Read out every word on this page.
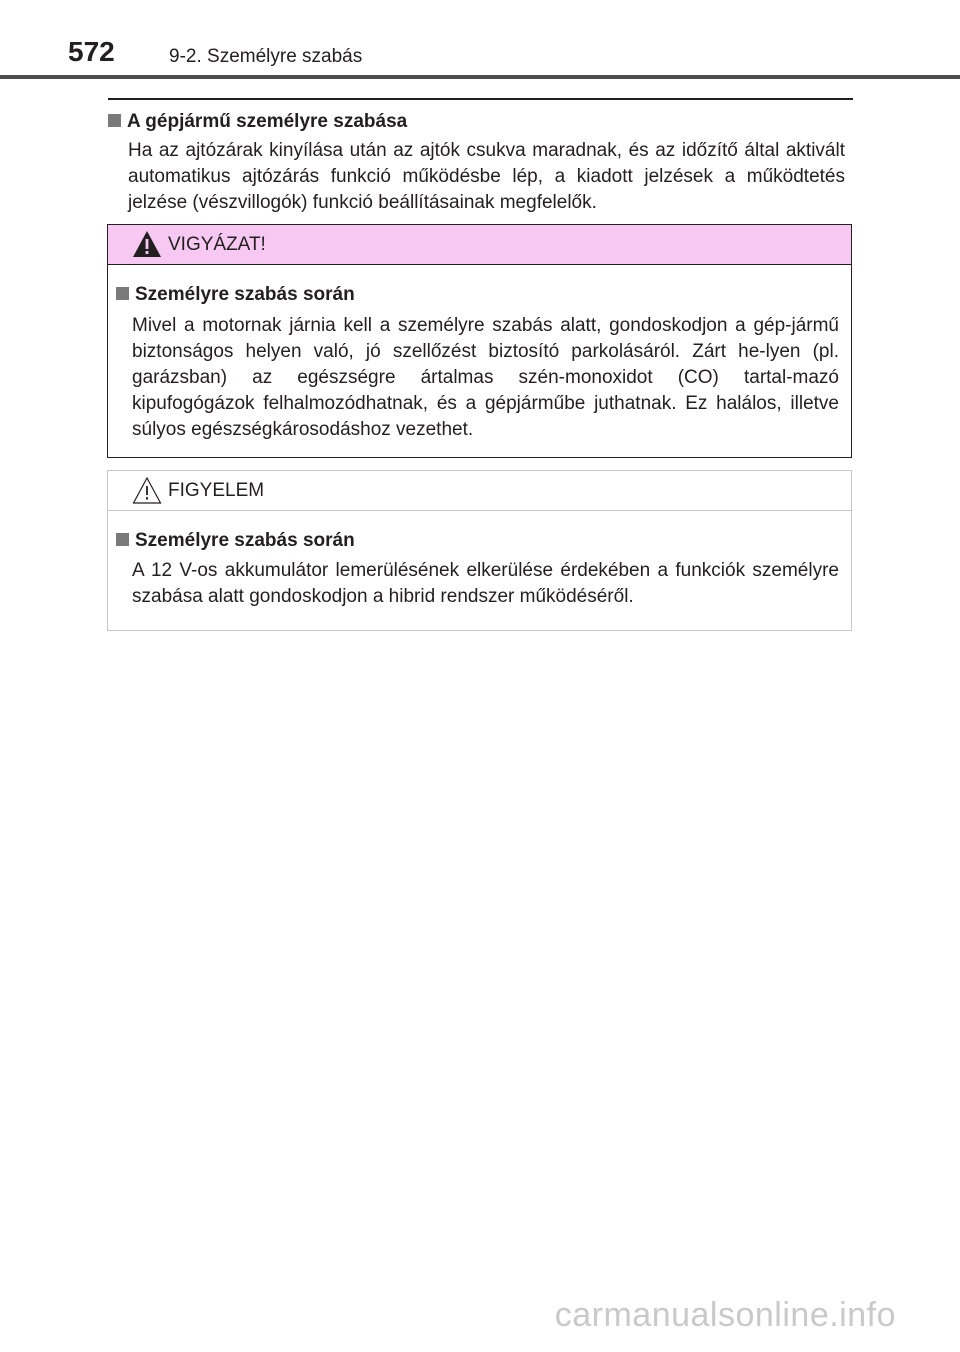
572	9-2. Személyre szabás
A gépjármű személyre szabása
Ha az ajtózárak kinyílása után az ajtók csukva maradnak, és az időzítő által aktivált automatikus ajtózárás funkció működésbe lép, a kiadott jelzések a működtetés jelzése (vészvillogók) funkció beállításainak megfelelők.
VIGYÁZAT!
Személyre szabás során
Mivel a motornak járnia kell a személyre szabás alatt, gondoskodjon a gép-jármű biztonságos helyen való, jó szellőzést biztosító parkolásáról. Zárt he-lyen (pl. garázsban) az egészségre ártalmas szén-monoxidot (CO) tartal-mazó kipufogógázok felhalmozódhatnak, és a gépjárműbe juthatnak. Ez halálos, illetve súlyos egészségkárosodáshoz vezethet.
FIGYELEM
Személyre szabás során
A 12 V-os akkumulátor lemerülésének elkerülése érdekében a funkciók személyre szabása alatt gondoskodjon a hibrid rendszer működéséről.
carmanualsonline.info
